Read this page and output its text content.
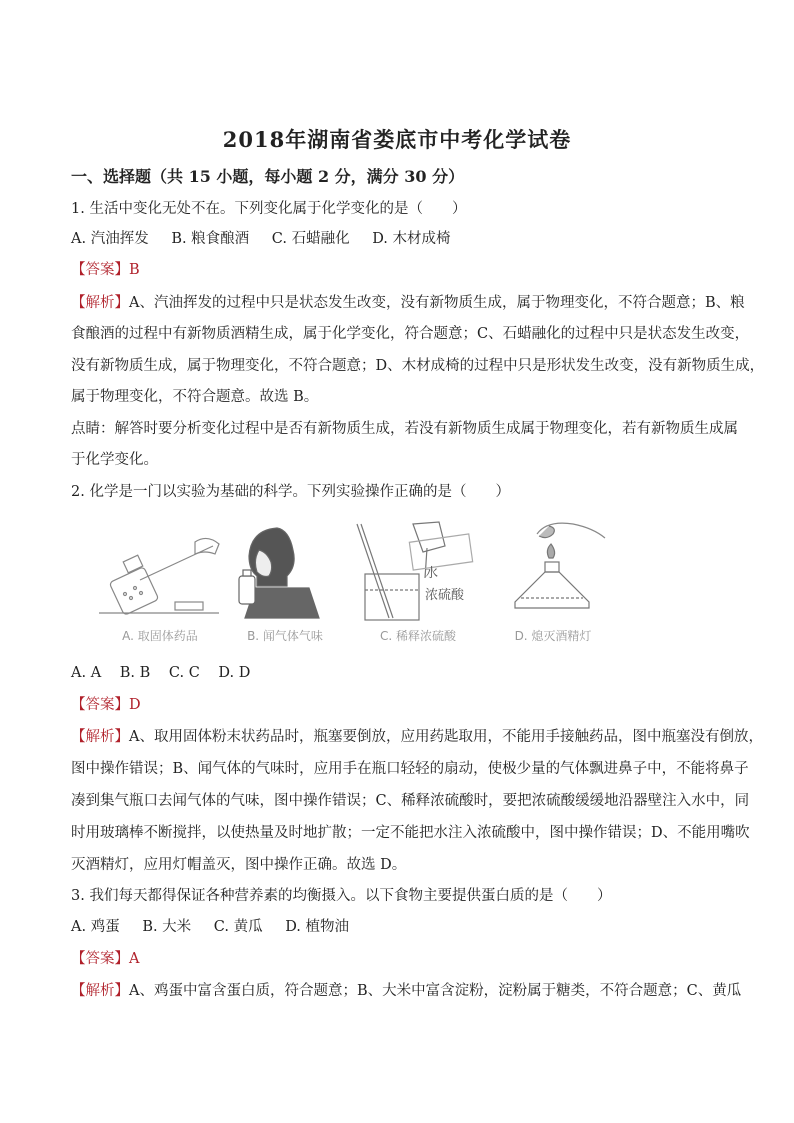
2018年湖南省娄底市中考化学试卷
一、选择题（共 15 小题，每小题 2 分，满分 30 分）
1. 生活中变化无处不在。下列变化属于化学变化的是（　　）
A. 汽油挥发 B. 粮食酿酒 C. 石蜡融化 D. 木材成椅
【答案】B
【解析】A、汽油挥发的过程中只是状态发生改变，没有新物质生成，属于物理变化，不符合题意；B、粮
食酿酒的过程中有新物质酒精生成，属于化学变化，符合题意；C、石蜡融化的过程中只是状态发生改变，
没有新物质生成，属于物理变化，不符合题意；D、木材成椅的过程中只是形状发生改变，没有新物质生成，
属于物理变化，不符合题意。故选 B。
点睛：解答时要分析变化过程中是否有新物质生成，若没有新物质生成属于物理变化，若有新物质生成属
于化学变化。
2. 化学是一门以实验为基础的科学。下列实验操作正确的是（　　）
A. 取固体药品	B. 闻气体气味
水
浓硫酸
C. 稀释浓硫酸	D. 熄灭酒精灯
A. A B. B C. C D. D
【答案】D
【解析】A、取用固体粉末状药品时，瓶塞要倒放，应用药匙取用，不能用手接触药品，图中瓶塞没有倒放，
图中操作错误；B、闻气体的气味时，应用手在瓶口轻轻的扇动，使极少量的气体飘进鼻子中，不能将鼻子
凑到集气瓶口去闻气体的气味，图中操作错误；C、稀释浓硫酸时，要把浓硫酸缓缓地沿器壁注入水中，同
时用玻璃棒不断搅拌，以使热量及时地扩散；一定不能把水注入浓硫酸中，图中操作错误；D、不能用嘴吹
灭酒精灯，应用灯帽盖灭，图中操作正确。故选 D。
3. 我们每天都得保证各种营养素的均衡摄入。以下食物主要提供蛋白质的是（　　）
A. 鸡蛋 B. 大米 C. 黄瓜 D. 植物油
【答案】A
【解析】A、鸡蛋中富含蛋白质，符合题意；B、大米中富含淀粉，淀粉属于糖类，不符合题意；C、黄瓜
